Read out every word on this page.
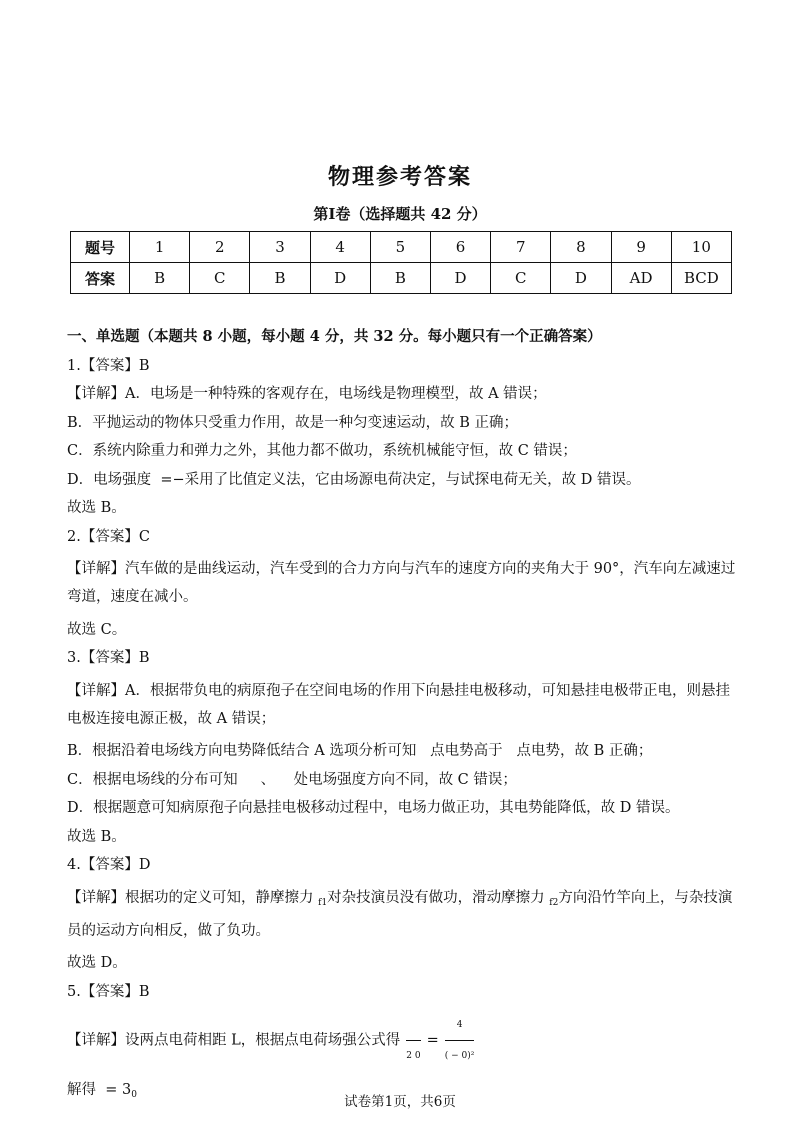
物理参考答案
第Ⅰ卷（选择题共 42 分）
题号	1	2	3	4	5	6	7	8	9	10
答案	B	C	B	D	B	D	C	D	AD	BCD
一、单选题（本题共 8 小题，每小题 4 分，共 32 分。每小题只有一个正确答案）
1.【答案】B
【详解】A．电场是一种特殊的客观存在，电场线是物理模型，故 A 错误；
B．平抛运动的物体只受重力作用，故是一种匀变速运动，故 B 正确；
C．系统内除重力和弹力之外，其他力都不做功，系统机械能守恒，故 C 错误；
D．电场强度  =−采用了比值定义法，它由场源电荷决定，与试探电荷无关，故 D 错误。
故选 B。
2.【答案】C
【详解】汽车做的是曲线运动，汽车受到的合力方向与汽车的速度方向的夹角大于 90°，汽车向左减速过弯道，速度在减小。
故选 C。
3.【答案】B
【详解】A．根据带负电的病原孢子在空间电场的作用下向悬挂电极移动，可知悬挂电极带正电，则悬挂电极连接电源正极，故 A 错误；
B．根据沿着电场线方向电势降低结合 A 选项分析可知   点电势高于   点电势，故 B 正确；
C．根据电场线的分布可知     、    处电场强度方向不同，故 C 错误；
D．根据题意可知病原孢子向悬挂电极移动过程中，电场力做正功，其电势能降低，故 D 错误。
故选 B。
4.【答案】D
【详解】根据功的定义可知，静摩擦力 $_{f1}$对杂技演员没有做功，滑动摩擦力 $_{f2}$方向沿竹竿向上，与杂技演员的运动方向相反，做了负功。
故选 D。
5.【答案】B
【详解】设两点电荷相距 L，根据点电荷场强公式得

2 0
= $\frac{4}{\text{( − 0)²}}$
解得 = $3_0$	试卷第1页，共6页
